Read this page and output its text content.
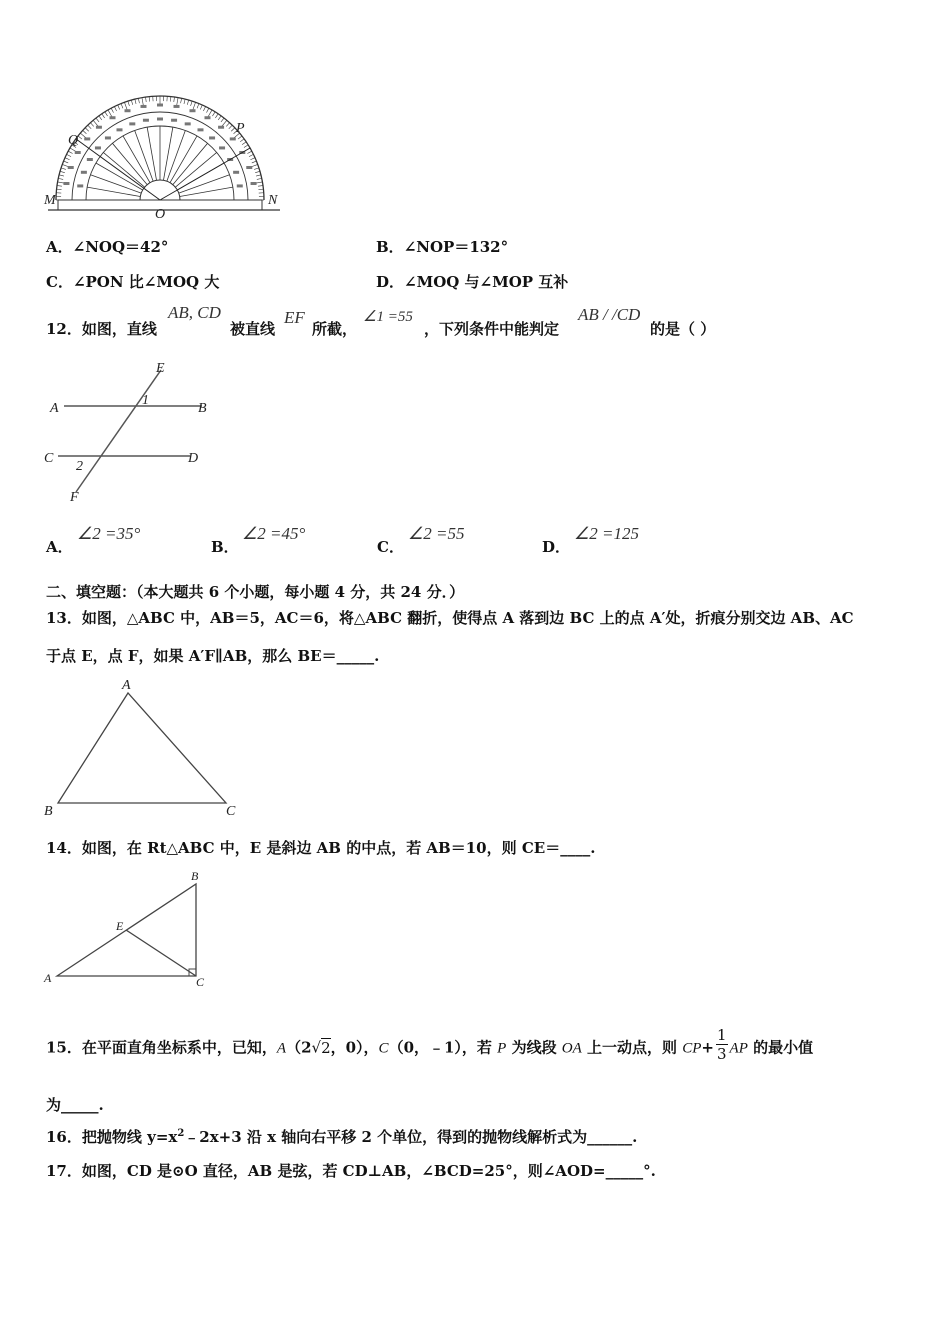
M	N
O
P
Q
A．∠NOQ＝42°	B．∠NOP＝132°
C．∠PON 比∠MOQ 大	D．∠MOQ 与∠MOP 互补
12．如图，直线
AB, CD
被直线
EF
所截，
∠1 =55
，下列条件中能判定
AB / /CD
的是（ ）
E
A	B
1
C	D
2
F
A．
∠2 =35°
B．
∠2 =45°
C．
∠2 =55
D．
∠2 =125
二、填空题：（本大题共 6 个小题，每小题 4 分，共 24 分．）
13．如图，△ABC 中，AB＝5，AC＝6，将△ABC 翻折，使得点 A 落到边 BC 上的点 A′处，折痕分别交边 AB、AC
于点 E，点 F，如果 A′F∥AB，那么 BE＝_____.
A
B	C
14．如图，在 Rt△ABC 中，E 是斜边 AB 的中点，若 AB＝10，则 CE＝____.
B
E
A	C
15．在平面直角坐标系中，已知，A（2√2，0），C（0，﹣1），若 P 为线段 OA 上一动点，则 $CP+ \frac{1}{3}$ AP 的最小值
为_____.
16．把抛物线 $y=x^2﹣2x+3$ 沿 x 轴向右平移 2 个单位，得到的抛物线解析式为______.
17．如图，CD 是⊙O 直径，AB 是弦，若 CD⊥AB，∠BCD=25°，则∠AOD=_____°.
